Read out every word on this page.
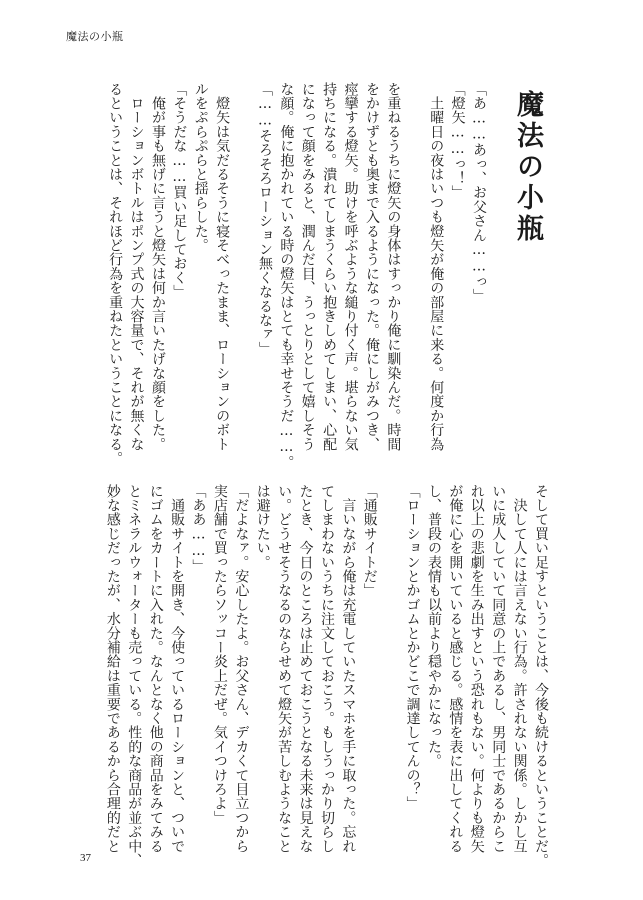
魔法の小瓶
魔法の小瓶
「あ……あっ、お父さん……っ」
「燈矢……っ！」
　土曜日の夜はいつも燈矢が俺の部屋に来る。何度か行為
を重ねるうちに燈矢の身体はすっかり俺に馴染んだ。時間
をかけずとも奥まで入るようになった。俺にしがみつき、
痙攣する燈矢。助けを呼ぶような縋り付く声。堪らない気
持ちになる。潰れてしまうくらい抱きしめてしまい、心配
になって顔をみると、潤んだ目、うっとりとして嬉しそう
な顔。俺に抱かれている時の燈矢はとても幸せそうだ……。
「……そろそろローション無くなるなァ」
　燈矢は気だるそうに寝そべったまま、ローションのボト
ルをぷらぷらと揺らした。
「そうだな……買い足しておく」
　俺が事も無げに言うと燈矢は何か言いたげな顔をした。
　ローションボトルはポンプ式の大容量で、それが無くな
るということは、それほど行為を重ねたということになる。
そして買い足すということは、今後も続けるということだ。
　決して人には言えない行為。許されない関係。しかし互
いに成人していて同意の上であるし、男同士であるからこ
れ以上の悲劇を生み出すという恐れもない。何よりも燈矢
が俺に心を開いていると感じる。感情を表に出してくれる
し、普段の表情も以前より穏やかになった。
「ローションとかゴムとかどこで調達してんの？」
「通販サイトだ」
　言いながら俺は充電していたスマホを手に取った。忘れ
てしまわないうちに注文しておこう。もしうっかり切らし
たとき、今日のところは止めておこうとなる未来は見えな
い。どうせそうなるのならせめて燈矢が苦しむようなこと
は避けたい。
「だよなァ。安心したよ。お父さん、デカくて目立つから
実店舗で買ったらソッコー炎上だぜ。気イつけろよ」
「ああ……」
　通販サイトを開き、今使っているローションと、ついで
にゴムをカートに入れた。なんとなく他の商品をみてみる
とミネラルウォーターも売っている。性的な商品が並ぶ中、
妙な感じだったが、水分補給は重要であるから合理的だと
37
